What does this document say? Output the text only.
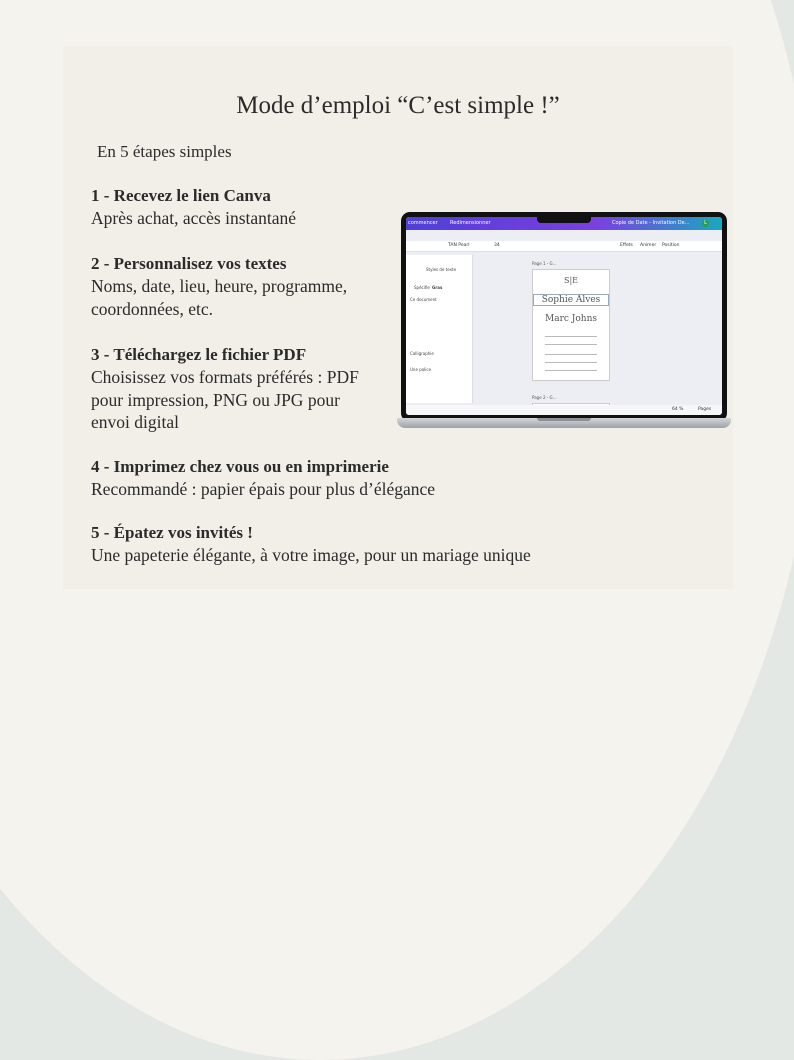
Mode d’emploi “C’est simple !”
En 5 étapes simples
1 - Recevez le lien Canva
Après achat, accès instantané
2 - Personnalisez vos textes
Noms, date, lieu, heure, programme,
coordonnées, etc.
3 - Téléchargez le fichier PDF
Choisissez vos formats préférés : PDF
pour impression, PNG ou JPG pour
envoi digital
4 - Imprimez chez vous ou en imprimerie
Recommandé : papier épais pour plus d’élégance
5 - Épatez vos invités !
Une papeterie élégante, à votre image, pour un mariage unique
commencer Redimensionner	Copie de Date - Invitation De…	L
TAN Pearl	34	Effets Animer Position
Styles de texte
Spécifie Gras
Ce document
Calligraphie
Une police
Page 1 - G…
S|E
Sophie Alves
Marc Johns
Page 2 - G…
64 %	Pages
